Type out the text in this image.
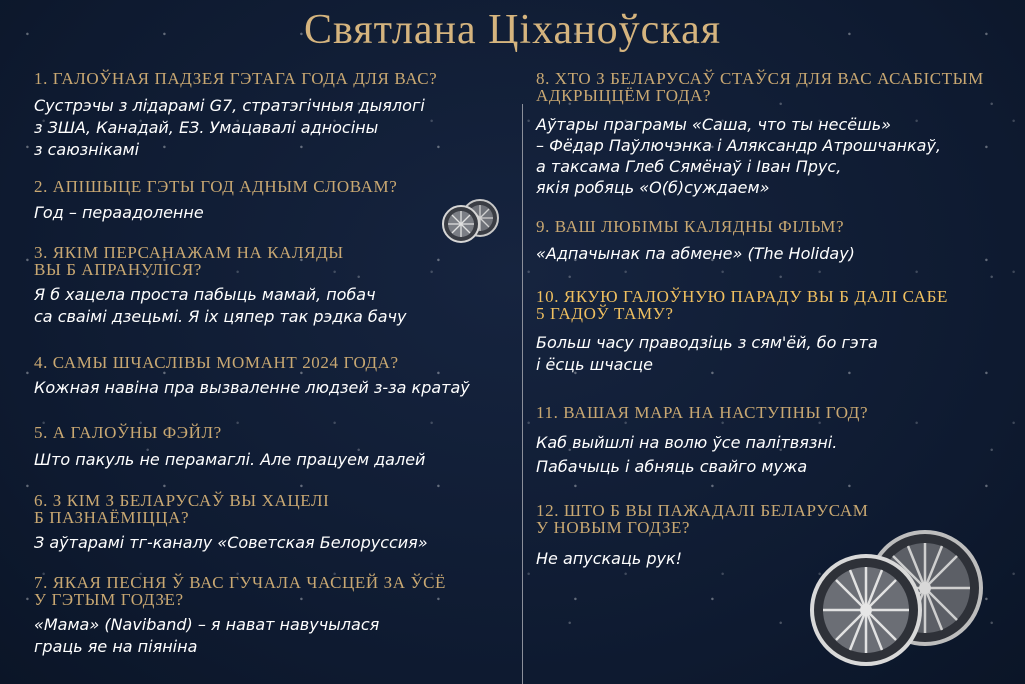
Святлана Ціханоўская

1. ГАЛОЎНАЯ ПАДЗЕЯ ГЭТАГА ГОДА ДЛЯ ВАС?

Сустрэчы з лідарамі G7, стратэгічныя дыялогі
з ЗША, Канадай, ЕЗ. Умацавалі адносіны
з саюзнікамі

2. АПІШЫЦЕ ГЭТЫ ГОД АДНЫМ СЛОВАМ?

Год – пераадоленне

3. ЯКІМ ПЕРСАНАЖАМ НА КАЛЯДЫ
ВЫ Б АПРАНУЛІСЯ?

Я б хацела проста пабыць мамай, побач
са сваімі дзецьмі. Я іх цяпер так рэдка бачу

4. САМЫ ШЧАСЛІВЫ МОМАНТ 2024 ГОДА?

Кожная навіна пра вызваленне людзей з-за кратаў

5. А ГАЛОЎНЫ ФЭЙЛ?

Што пакуль не перамаглі. Але працуем далей

6. З КІМ З БЕЛАРУСАЎ ВЫ ХАЦЕЛІ
Б ПАЗНАЁМІЦЦА?

З аўтарамі тг-каналу «Советская Белоруссия»

7. ЯКАЯ ПЕСНЯ Ў ВАС ГУЧАЛА ЧАСЦЕЙ ЗА ЎСЁ
У ГЭТЫМ ГОДЗЕ?

«Мама» (Naviband) – я нават навучылася
граць яе на піяніна

8. ХТО З БЕЛАРУСАЎ СТАЎСЯ ДЛЯ ВАС АСАБІСТЫМ
АДКРЫЦЦЁМ ГОДА?

Аўтары праграмы «Саша, что ты несёшь»
– Фёдар Паўлючэнка і Аляксандр Атрошчанкаў,
а таксама Глеб Сямёнаў і Іван Прус,
якія робяць «О(б)суждаем»

9. ВАШ ЛЮБІМЫ КАЛЯДНЫ ФІЛЬМ?

«Адпачынак па абмене» (The Holiday)

10. ЯКУЮ ГАЛОЎНУЮ ПАРАДУ ВЫ Б ДАЛІ САБЕ
5 ГАДОЎ ТАМУ?

Больш часу праводзіць з сям'ёй, бо гэта
і ёсць шчасце

11. ВАШАЯ МАРА НА НАСТУПНЫ ГОД?

Каб выйшлі на волю ўсе палітвязні.
Пабачыць і абняць свайго мужа

12. ШТО Б ВЫ ПАЖАДАЛІ БЕЛАРУСАМ
У НОВЫМ ГОДЗЕ?

Не апускаць рук!
